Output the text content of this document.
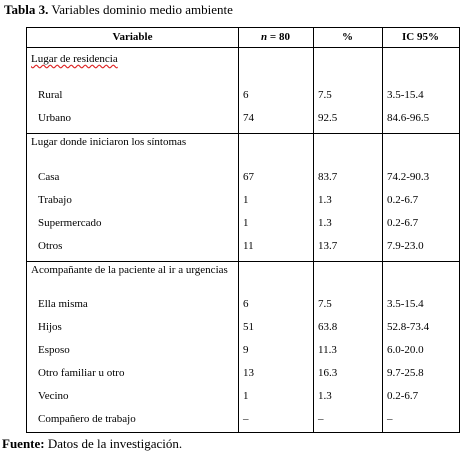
Tabla 3. Variables dominio medio ambiente
Variable	n = 80	%	IC 95%
Lugar de residencia
Rural	6	7.5	3.5-15.4
Urbano	74	92.5	84.6-96.5
Lugar donde iniciaron los síntomas
Casa	67	83.7	74.2-90.3
Trabajo	1	1.3	0.2-6.7
Supermercado	1	1.3	0.2-6.7
Otros	11	13.7	7.9-23.0
Acompañante de la paciente al ir a urgencias
Ella misma	6	7.5	3.5-15.4
Hijos	51	63.8	52.8-73.4
Esposo	9	11.3	6.0-20.0
Otro familiar u otro	13	16.3	9.7-25.8
Vecino	1	1.3	0.2-6.7
Compañero de trabajo	–	–	–
Fuente: Datos de la investigación.
